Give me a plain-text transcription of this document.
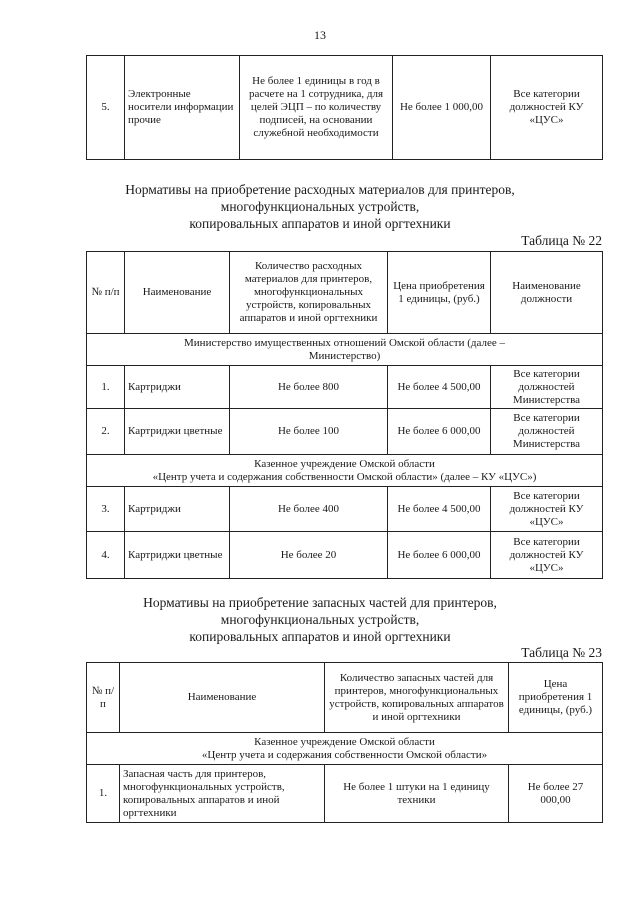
13
5.	Электронные носители информации прочие	Не более 1 единицы в год в расчете на 1 сотрудника, для целей ЭЦП – по количеству подписей, на основании служебной необходимости	Не более 1 000,00	Все категории должностей КУ «ЦУС»
Нормативы на приобретение расходных материалов для принтеров,
многофункциональных устройств,
копировальных аппаратов и иной оргтехники
Таблица № 22
№ п/п	Наименование	Количество расходных материалов для принтеров, многофункциональных устройств, копировальных аппаратов и иной оргтехники	Цена приобретения 1 единицы, (руб.)	Наименование должности
Министерство имущественных отношений Омской области (далее – Министерство)				
1.	Картриджи	Не более 800	Не более 4 500,00	Все категории должностей Министерства
2.	Картриджи цветные	Не более 100	Не более 6 000,00	Все категории должностей Министерства

Казенное учреждение Омской области
«Центр учета и содержания собственности Омской области» (далее – КУ «ЦУС»)				

3.	Картриджи	Не более 400	Не более 4 500,00	Все категории должностей КУ «ЦУС»
4.	Картриджи цветные	Не более 20	Не более 6 000,00	Все категории должностей КУ «ЦУС»
Нормативы на приобретение запасных частей для принтеров,
многофункциональных устройств,
копировальных аппаратов и иной оргтехники
Таблица № 23
№ п/п	Наименование	Количество запасных частей для принтеров, многофункциональных устройств, копировальных аппаратов и иной оргтехники	Цена приобретения 1 единицы, (руб.)

Казенное учреждение Омской области
«Центр учета и содержания собственности Омской области»			

1.	Запасная часть для принтеров, многофункциональных устройств, копировальных аппаратов и иной оргтехники	Не более 1 штуки на 1 единицу техники	Не более 27 000,00
